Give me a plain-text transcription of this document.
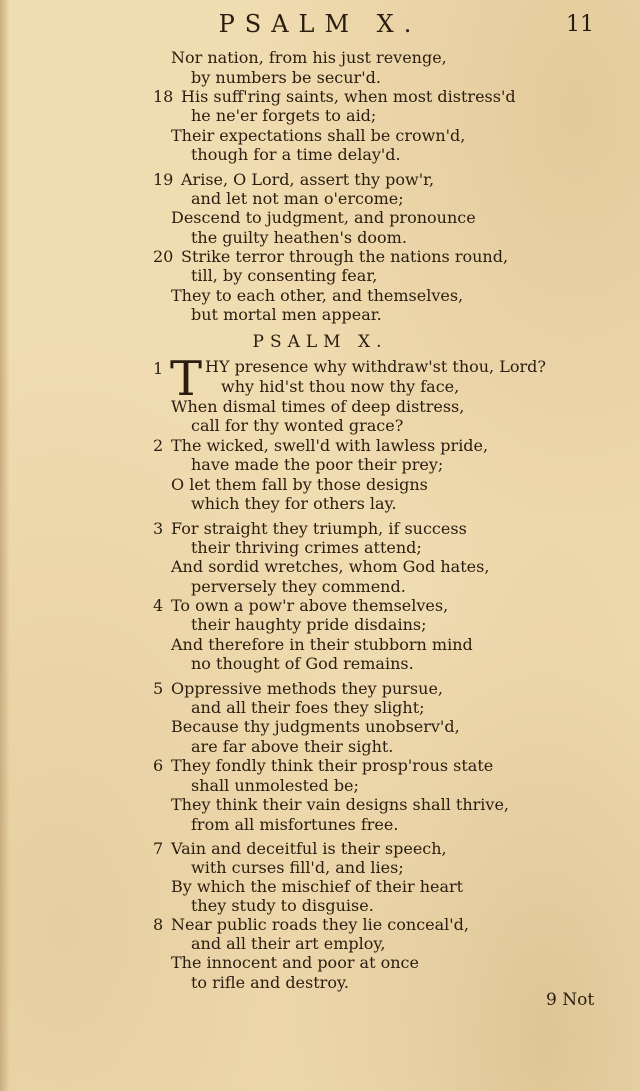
PSALM X.	11
Nor nation, from his just revenge,
by numbers be secur'd.
18 His suff'ring saints, when most distress'd
he ne'er forgets to aid;
Their expectations shall be crown'd,
though for a time delay'd.
19 Arise, O Lord, assert thy pow'r,
and let not man o'ercome;
Descend to judgment, and pronounce
the guilty heathen's doom.
20 Strike terror through the nations round,
till, by consenting fear,
They to each other, and themselves,
but mortal men appear.
PSALM X.
1 T HY presence why withdraw'st thou, Lord?
why hid'st thou now thy face,
When dismal times of deep distress,
call for thy wonted grace?
2 The wicked, swell'd with lawless pride,
have made the poor their prey;
O let them fall by those designs
which they for others lay.
3 For straight they triumph, if success
their thriving crimes attend;
And sordid wretches, whom God hates,
perversely they commend.
4 To own a pow'r above themselves,
their haughty pride disdains;
And therefore in their stubborn mind
no thought of God remains.
5 Oppressive methods they pursue,
and all their foes they slight;
Because thy judgments unobserv'd,
are far above their sight.
6 They fondly think their prosp'rous state
shall unmolested be;
They think their vain designs shall thrive,
from all misfortunes free.
7 Vain and deceitful is their speech,
with curses fill'd, and lies;
By which the mischief of their heart
they study to disguise.
8 Near public roads they lie conceal'd,
and all their art employ,
The innocent and poor at once
to rifle and destroy.
9 Not
